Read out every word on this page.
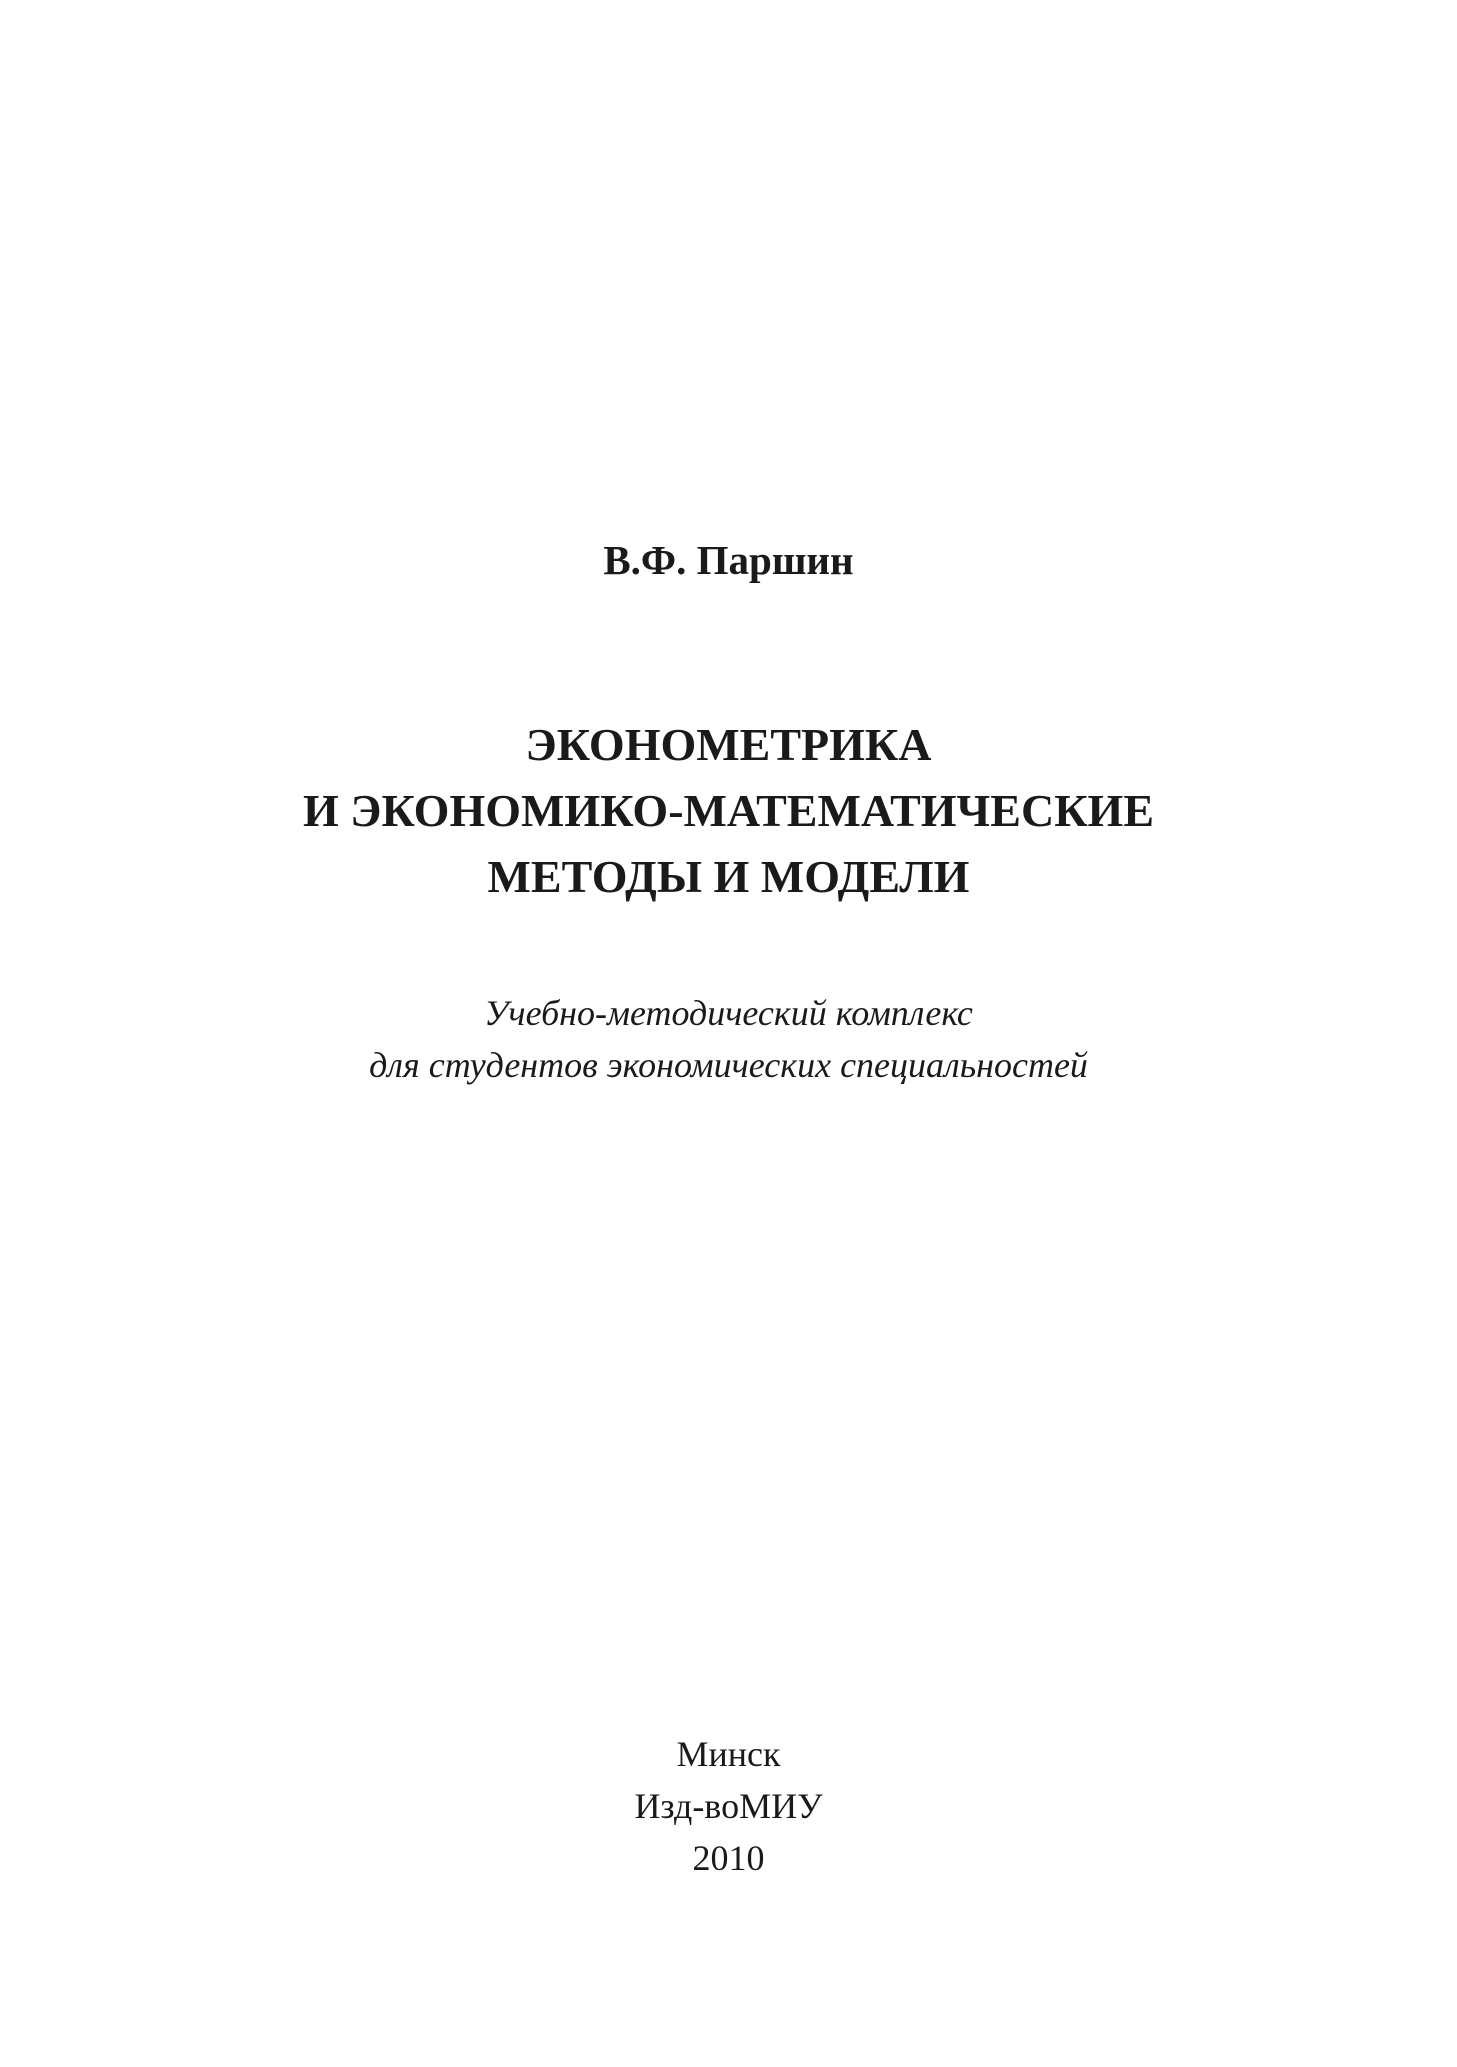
В.Ф. Паршин
ЭКОНОМЕТРИКА
И ЭКОНОМИКО-МАТЕМАТИЧЕСКИЕ
МЕТОДЫ И МОДЕЛИ
Учебно-методический комплекс
для студентов экономических специальностей
Минск
Изд-воМИУ
2010
